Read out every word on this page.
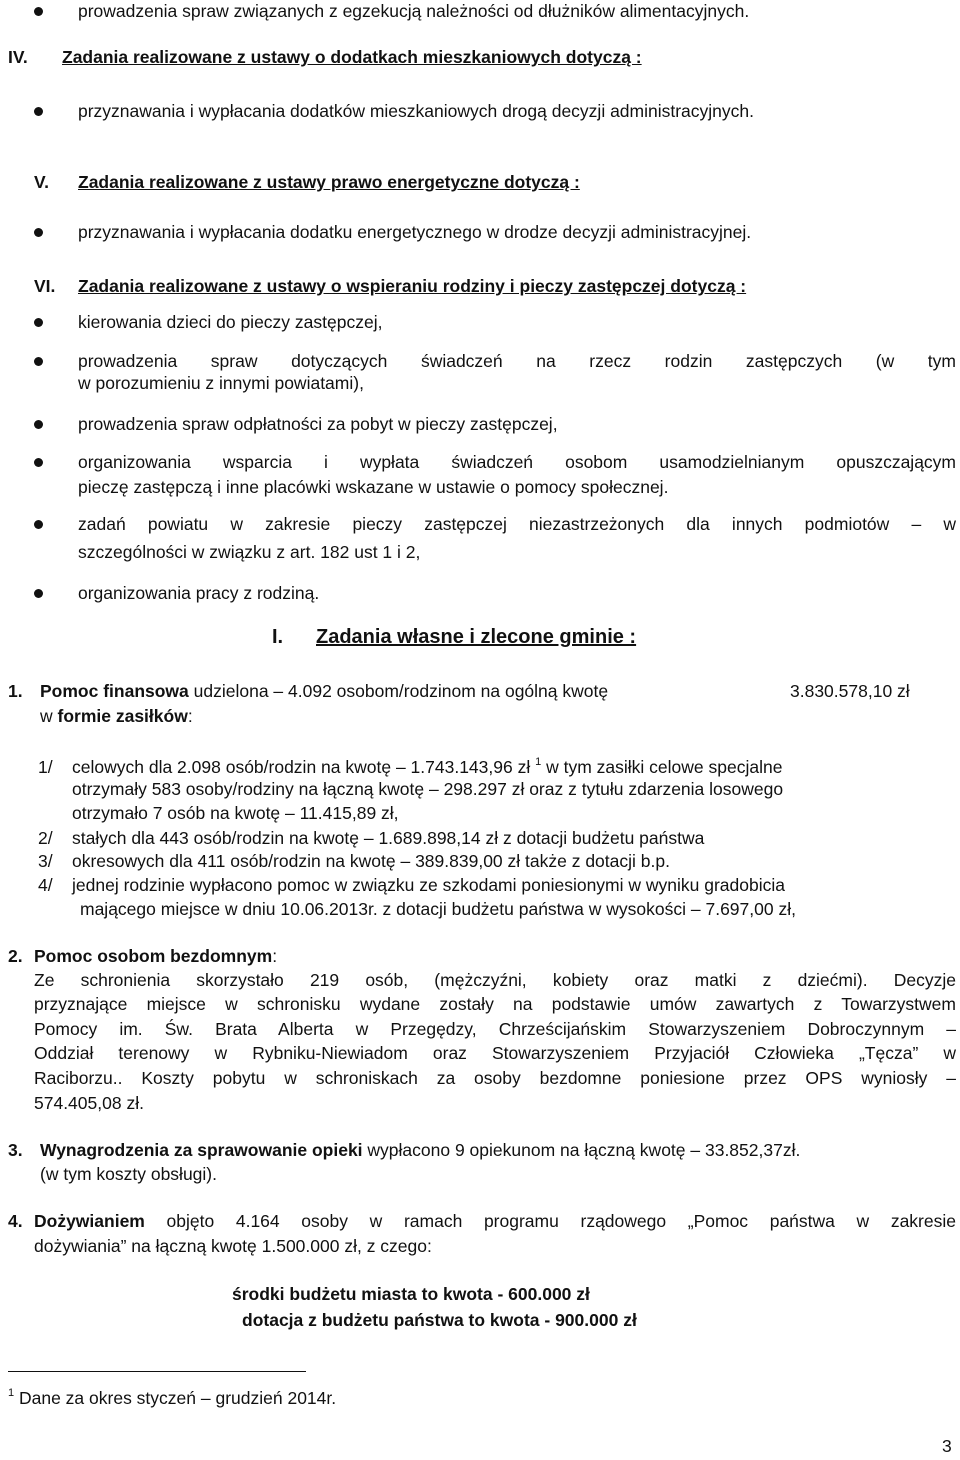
prowadzenia spraw związanych z egzekucją należności od dłużników alimentacyjnych.
IV. Zadania realizowane z ustawy o dodatkach mieszkaniowych dotyczą :
przyznawania i wypłacania dodatków mieszkaniowych drogą decyzji administracyjnych.
V. Zadania realizowane z ustawy prawo energetyczne dotyczą :
przyznawania i wypłacania dodatku energetycznego w drodze decyzji administracyjnej.
VI. Zadania realizowane z ustawy o wspieraniu rodziny i pieczy zastępczej dotyczą :
kierowania dzieci do pieczy zastępczej,
prowadzenia spraw dotyczących świadczeń na rzecz rodzin zastępczych (w tym
w porozumieniu z innymi powiatami),
prowadzenia spraw odpłatności za pobyt w pieczy zastępczej,
organizowania wsparcia i wypłata świadczeń osobom usamodzielnianym opuszczającym
pieczę zastępczą i inne placówki wskazane w ustawie o pomocy społecznej.
zadań powiatu w zakresie pieczy zastępczej niezastrzeżonych dla innych podmiotów – w
szczególności w związku z art. 182 ust 1 i 2,
organizowania pracy z rodziną.
I. Zadania własne i zlecone gminie :
1. Pomoc finansowa udzielona – 4.092 osobom/rodzinom na ogólną kwotę	3.830.578,10 zł
w formie zasiłków:
1/ celowych dla 2.098 osób/rodzin na kwotę – 1.743.143,96 zł $^1$ w tym zasiłki celowe specjalne
otrzymały 583 osoby/rodziny na łączną kwotę – 298.297 zł oraz z tytułu zdarzenia losowego
otrzymało 7 osób na kwotę – 11.415,89 zł,
2/ stałych dla 443 osób/rodzin na kwotę – 1.689.898,14 zł z dotacji budżetu państwa
3/ okresowych dla 411 osób/rodzin na kwotę – 389.839,00 zł także z dotacji b.p.
4/ jednej rodzinie wypłacono pomoc w związku ze szkodami poniesionymi w wyniku gradobicia
mającego miejsce w dniu 10.06.2013r. z dotacji budżetu państwa w wysokości – 7.697,00 zł,
2. Pomoc osobom bezdomnym:
Ze schronienia skorzystało 219 osób, (mężczyźni, kobiety oraz matki z dziećmi). Decyzje
przyznające miejsce w schronisku wydane zostały na podstawie umów zawartych z Towarzystwem
Pomocy im. Św. Brata Alberta w Przegędzy, Chrześcijańskim Stowarzyszeniem Dobroczynnym –
Oddział terenowy w Rybniku-Niewiadom oraz Stowarzyszeniem Przyjaciół Człowieka „Tęcza” w
Raciborzu.. Koszty pobytu w schroniskach za osoby bezdomne poniesione przez OPS wyniosły –
574.405,08 zł.
3. Wynagrodzenia za sprawowanie opieki wypłacono 9 opiekunom na łączną kwotę – 33.852,37zł.
(w tym koszty obsługi).
4. Dożywianiem objęto 4.164 osoby w ramach programu rządowego „Pomoc państwa w zakresie
dożywiania” na łączną kwotę 1.500.000 zł, z czego:
środki budżetu miasta to kwota - 600.000 zł
dotacja z budżetu państwa to kwota - 900.000 zł
$^1$ Dane za okres styczeń – grudzień 2014r.
3
